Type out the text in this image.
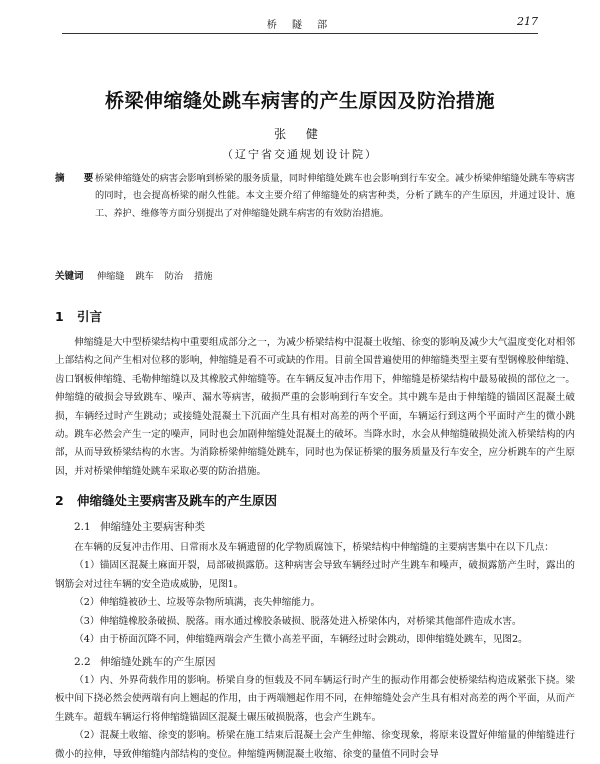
桥 隧 部	217
桥梁伸缩缝处跳车病害的产生原因及防治措施
张 健
（辽宁省交通规划设计院）
摘 要
桥梁伸缩缝处的病害会影响到桥梁的服务质量，同时伸缩缝处跳车也会影响到行车安全。减少桥梁伸缩缝处跳车等病害的同时，也会提高桥梁的耐久性能。本文主要介绍了伸缩缝处的病害种类，分析了跳车的产生原因，并通过设计、施工、养护、维修等方面分别提出了对伸缩缝处跳车病害的有效防治措施。
关键词 伸缩缝 跳车 防治 措施
1 引言

伸缩缝是大中型桥梁结构中重要组成部分之一，为减少桥梁结构中混凝土收缩、徐变的影响及减少大气温度变化对相邻上部结构之间产生相对位移的影响，伸缩缝是看不可或缺的作用。目前全国普遍使用的伸缩缝类型主要有型钢橡胶伸缩缝、齿口钢板伸缩缝、毛勒伸缩缝以及其橡胶式伸缩缝等。在车辆反复冲击作用下，伸缩缝是桥梁结构中最易破损的部位之一。伸缩缝的破损会导致跳车、噪声、漏水等病害，破损严重的会影响到行车安全。其中跳车是由于伸缩缝的锚固区混凝土破损，车辆经过时产生跳动；或接缝处混凝土下沉面产生具有相对高差的两个平面，车辆运行到这两个平面时产生的微小跳动。跳车必然会产生一定的噪声，同时也会加剧伸缩缝处混凝土的破坏。当降水时，水会从伸缩缝破损处流入桥梁结构的内部，从而导致桥梁结构的水害。为消除桥梁伸缩缝处跳车，同时也为保证桥梁的服务质量及行车安全，应分析跳车的产生原因，并对桥梁伸缩缝处跳车采取必要的防治措施。

2 伸缩缝处主要病害及跳车的产生原因
2.1 伸缩缝处主要病害种类

在车辆的反复冲击作用、日常雨水及车辆遗留的化学物质腐蚀下，桥梁结构中伸缩缝的主要病害集中在以下几点：

（1）锚固区混凝土麻面开裂，局部破损露筋。这种病害会导致车辆经过时产生跳车和噪声，破损露筋产生时，露出的钢筋会对过往车辆的安全造成威胁，见图1。

（2）伸缩缝被砂土、垃圾等杂物所填满，丧失伸缩能力。

（3）伸缩缝橡胶条破损、脱落。雨水通过橡胶条破损、脱落处进入桥梁体内，对桥梁其他部件造成水害。

（4）由于桥面沉降不同，伸缩缝两端会产生微小高差平面，车辆经过时会跳动，即伸缩缝处跳车，见图2。

2.2 伸缩缝处跳车的产生原因

（1）内、外界荷载作用的影响。桥梁自身的恒载及不同车辆运行时产生的振动作用都会使桥梁结构造成紧张下挠。梁板中间下挠必然会使两端有向上翘起的作用，由于两端翘起作用不同，在伸缩缝处会产生具有相对高差的两个平面，从而产生跳车。超载车辆运行将伸缩缝锚固区混凝土碾压破损脱落，也会产生跳车。

（2）混凝土收缩、徐变的影响。桥梁在施工结束后混凝土会产生伸缩、徐变现象，将原来设置好伸缩量的伸缩缝进行微小的拉伸，导致伸缩缝内部结构的变位。伸缩缝两侧混凝土收缩、徐变的量值不同时会导
